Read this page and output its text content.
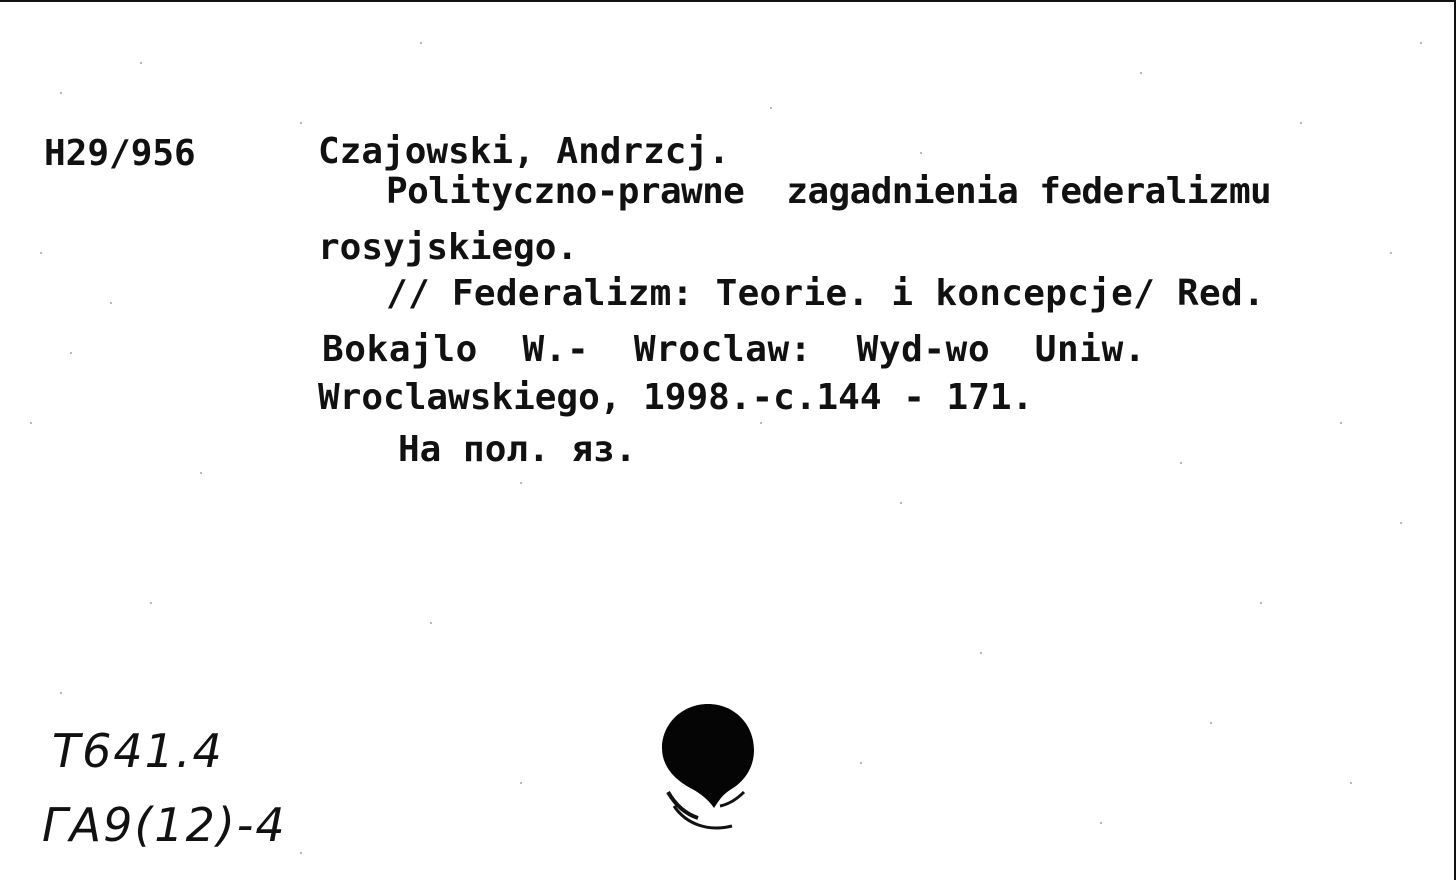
H29/956	Czajowski, Andrzcj.
Polityczno-prawne  zagadnienia federalizmu
rosyjskiego.
// Federalizm: Teorie. i koncepcje/ Red.
Bokajlo  W.-  Wroclaw:  Wyd-wo  Uniw.
Wroclawskiego, 1998.-c.144 - 171.
На пол. яз.
T641.4
ГА9(12)-4
